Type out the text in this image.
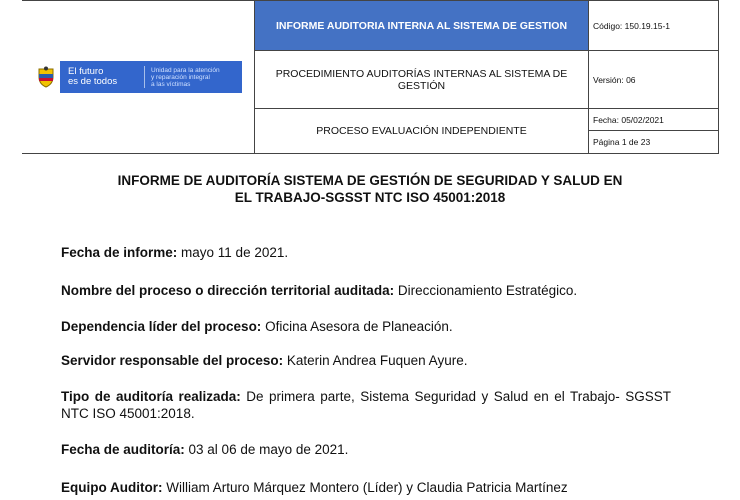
El futuro
es de todos
Unidad para la atención
y reparación integral
a las víctimas	INFORME AUDITORIA INTERNA AL SISTEMA DE GESTION	Código: 150.19.15-1
	PROCEDIMIENTO AUDITORÍAS INTERNAS AL SISTEMA DE GESTIÓN	Versión: 06
	PROCESO EVALUACIÓN INDEPENDIENTE	Fecha: 05/02/2021
Página 1 de 23
INFORME DE AUDITORÍA SISTEMA DE GESTIÓN DE SEGURIDAD Y SALUD EN
EL TRABAJO-SGSST NTC ISO 45001:2018
Fecha de informe: mayo 11 de 2021.
Nombre del proceso o dirección territorial auditada: Direccionamiento Estratégico.
Dependencia líder del proceso: Oficina Asesora de Planeación.
Servidor responsable del proceso: Katerin Andrea Fuquen Ayure.
Tipo de auditoría realizada: De primera parte, Sistema Seguridad y Salud en el Trabajo- SGSST NTC ISO 45001:2018.
Fecha de auditoría: 03 al 06 de mayo de 2021.
Equipo Auditor: William Arturo Márquez Montero (Líder) y Claudia Patricia Martínez
